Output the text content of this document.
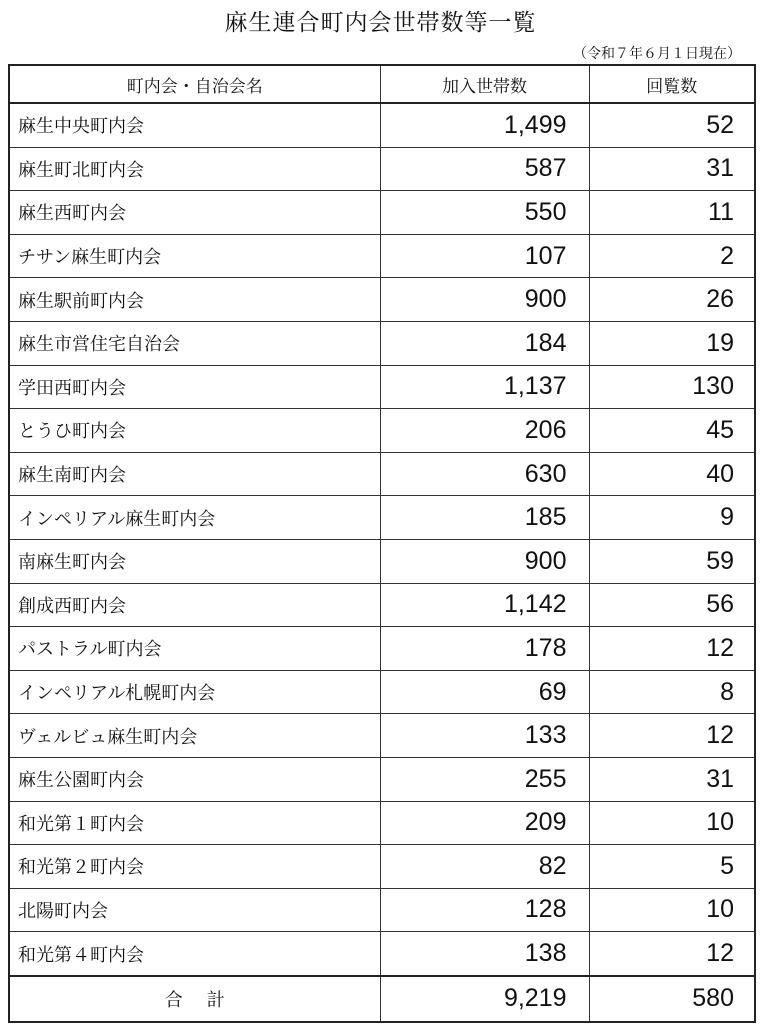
麻生連合町内会世帯数等一覧
（令和７年６月１日現在）
町内会・自治会名	加入世帯数	回覧数
麻生中央町内会	1,499	52
麻生町北町内会	587	31
麻生西町内会	550	11
チサン麻生町内会	107	2
麻生駅前町内会	900	26
麻生市営住宅自治会	184	19
学田西町内会	1,137	130
とうひ町内会	206	45
麻生南町内会	630	40
インペリアル麻生町内会	185	9
南麻生町内会	900	59
創成西町内会	1,142	56
パストラル町内会	178	12
インペリアル札幌町内会	69	8
ヴェルビュ麻生町内会	133	12
麻生公園町内会	255	31
和光第１町内会	209	10
和光第２町内会	82	5
北陽町内会	128	10
和光第４町内会	138	12
合計	9,219	580
